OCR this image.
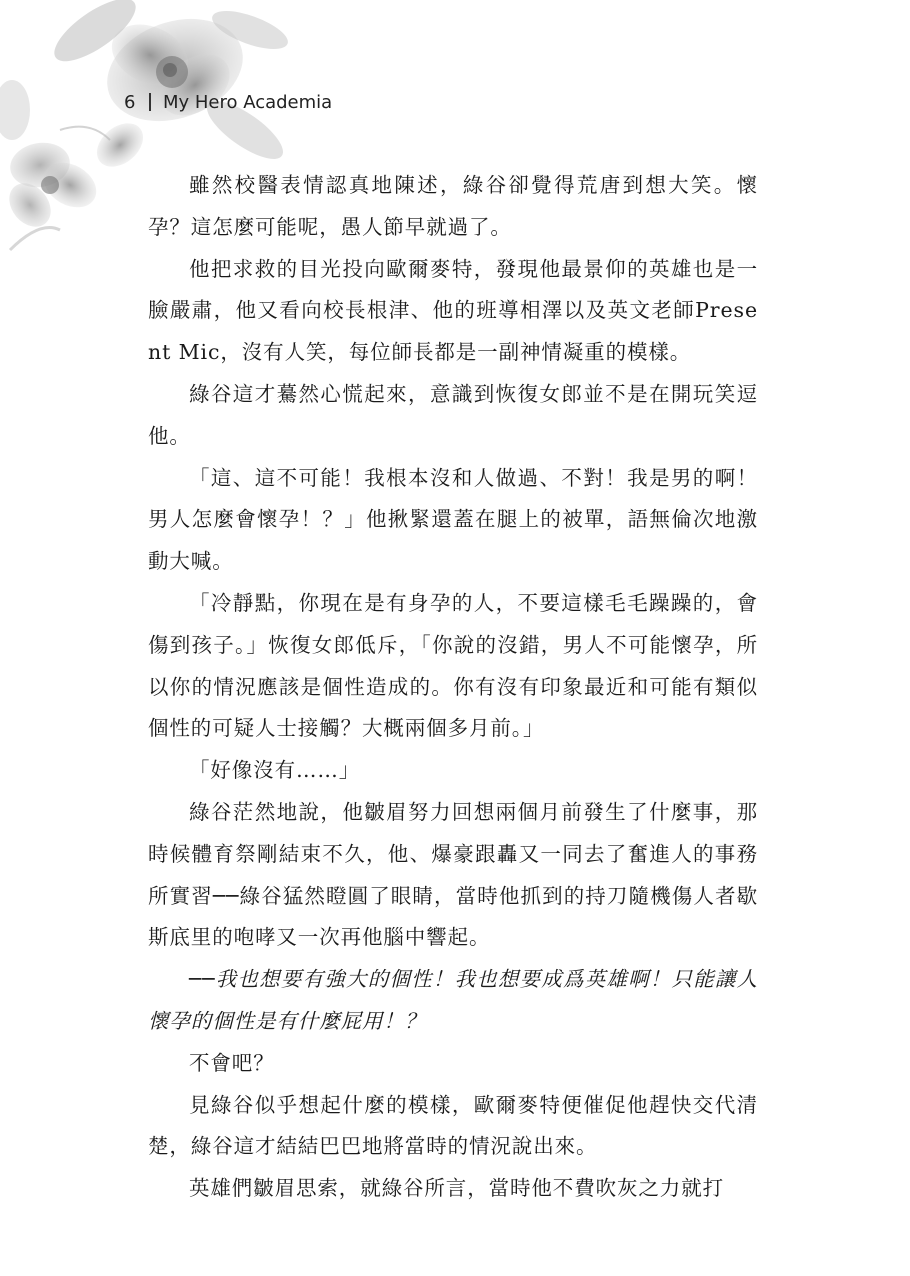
6 My Hero Academia

雖然校醫表情認真地陳述，綠谷卻覺得荒唐到想大笑。懷孕？這怎麼可能呢，愚人節早就過了。

他把求救的目光投向歐爾麥特，發現他最景仰的英雄也是一臉嚴肅，他又看向校長根津、他的班導相澤以及英文老師Present Mic，沒有人笑，每位師長都是一副神情凝重的模樣。

綠谷這才驀然心慌起來，意識到恢復女郎並不是在開玩笑逗他。

「這、這不可能！我根本沒和人做過、不對！我是男的啊！男人怎麼會懷孕！？」他揪緊還蓋在腿上的被單，語無倫次地激動大喊。

「冷靜點，你現在是有身孕的人，不要這樣毛毛躁躁的，會傷到孩子。」恢復女郎低斥，「你說的沒錯，男人不可能懷孕，所以你的情況應該是個性造成的。你有沒有印象最近和可能有類似個性的可疑人士接觸？大概兩個多月前。」

「好像沒有……」

綠谷茫然地說，他皺眉努力回想兩個月前發生了什麼事，那時候體育祭剛結束不久，他、爆豪跟轟又一同去了奮進人的事務所實習──綠谷猛然瞪圓了眼睛，當時他抓到的持刀隨機傷人者歇斯底里的咆哮又一次再他腦中響起。

──我也想要有強大的個性！我也想要成爲英雄啊！只能讓人懷孕的個性是有什麼屁用！？

不會吧？

見綠谷似乎想起什麼的模樣，歐爾麥特便催促他趕快交代清楚，綠谷這才結結巴巴地將當時的情況說出來。

英雄們皺眉思索，就綠谷所言，當時他不費吹灰之力就打
